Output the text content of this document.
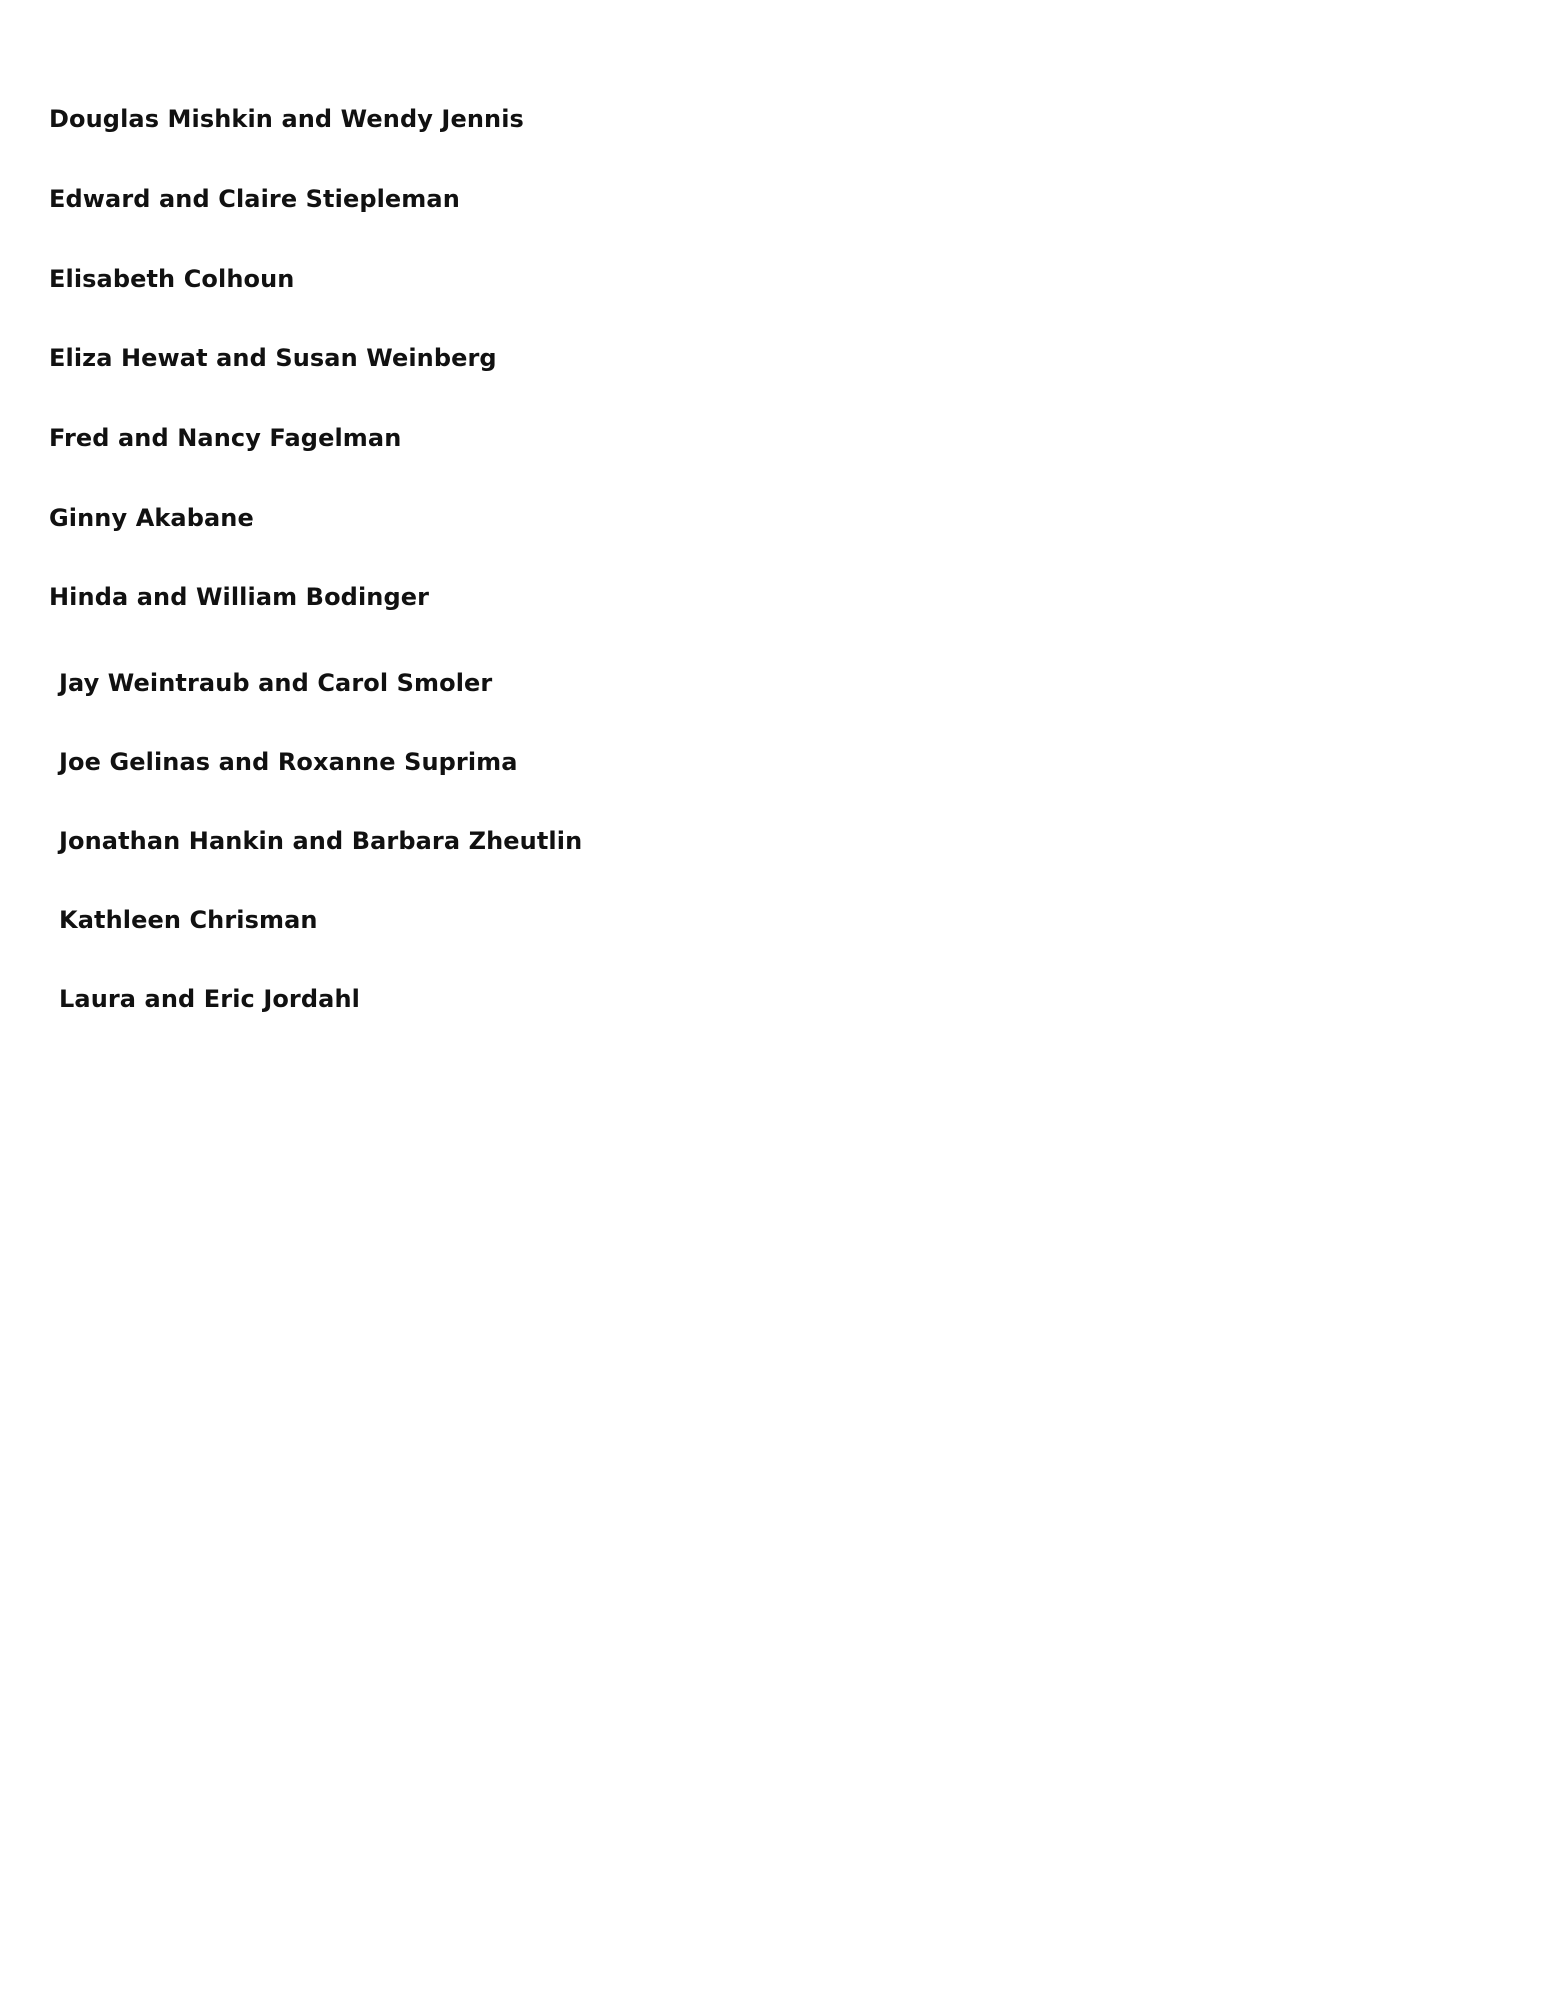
Douglas Mishkin and Wendy Jennis
Edward and Claire Stiepleman
Elisabeth Colhoun
Eliza Hewat and Susan Weinberg
Fred and Nancy Fagelman
Ginny Akabane
Hinda and William Bodinger
Jay Weintraub and Carol Smoler
Joe Gelinas and Roxanne Suprima
Jonathan Hankin and Barbara Zheutlin
Kathleen Chrisman
Laura and Eric Jordahl
